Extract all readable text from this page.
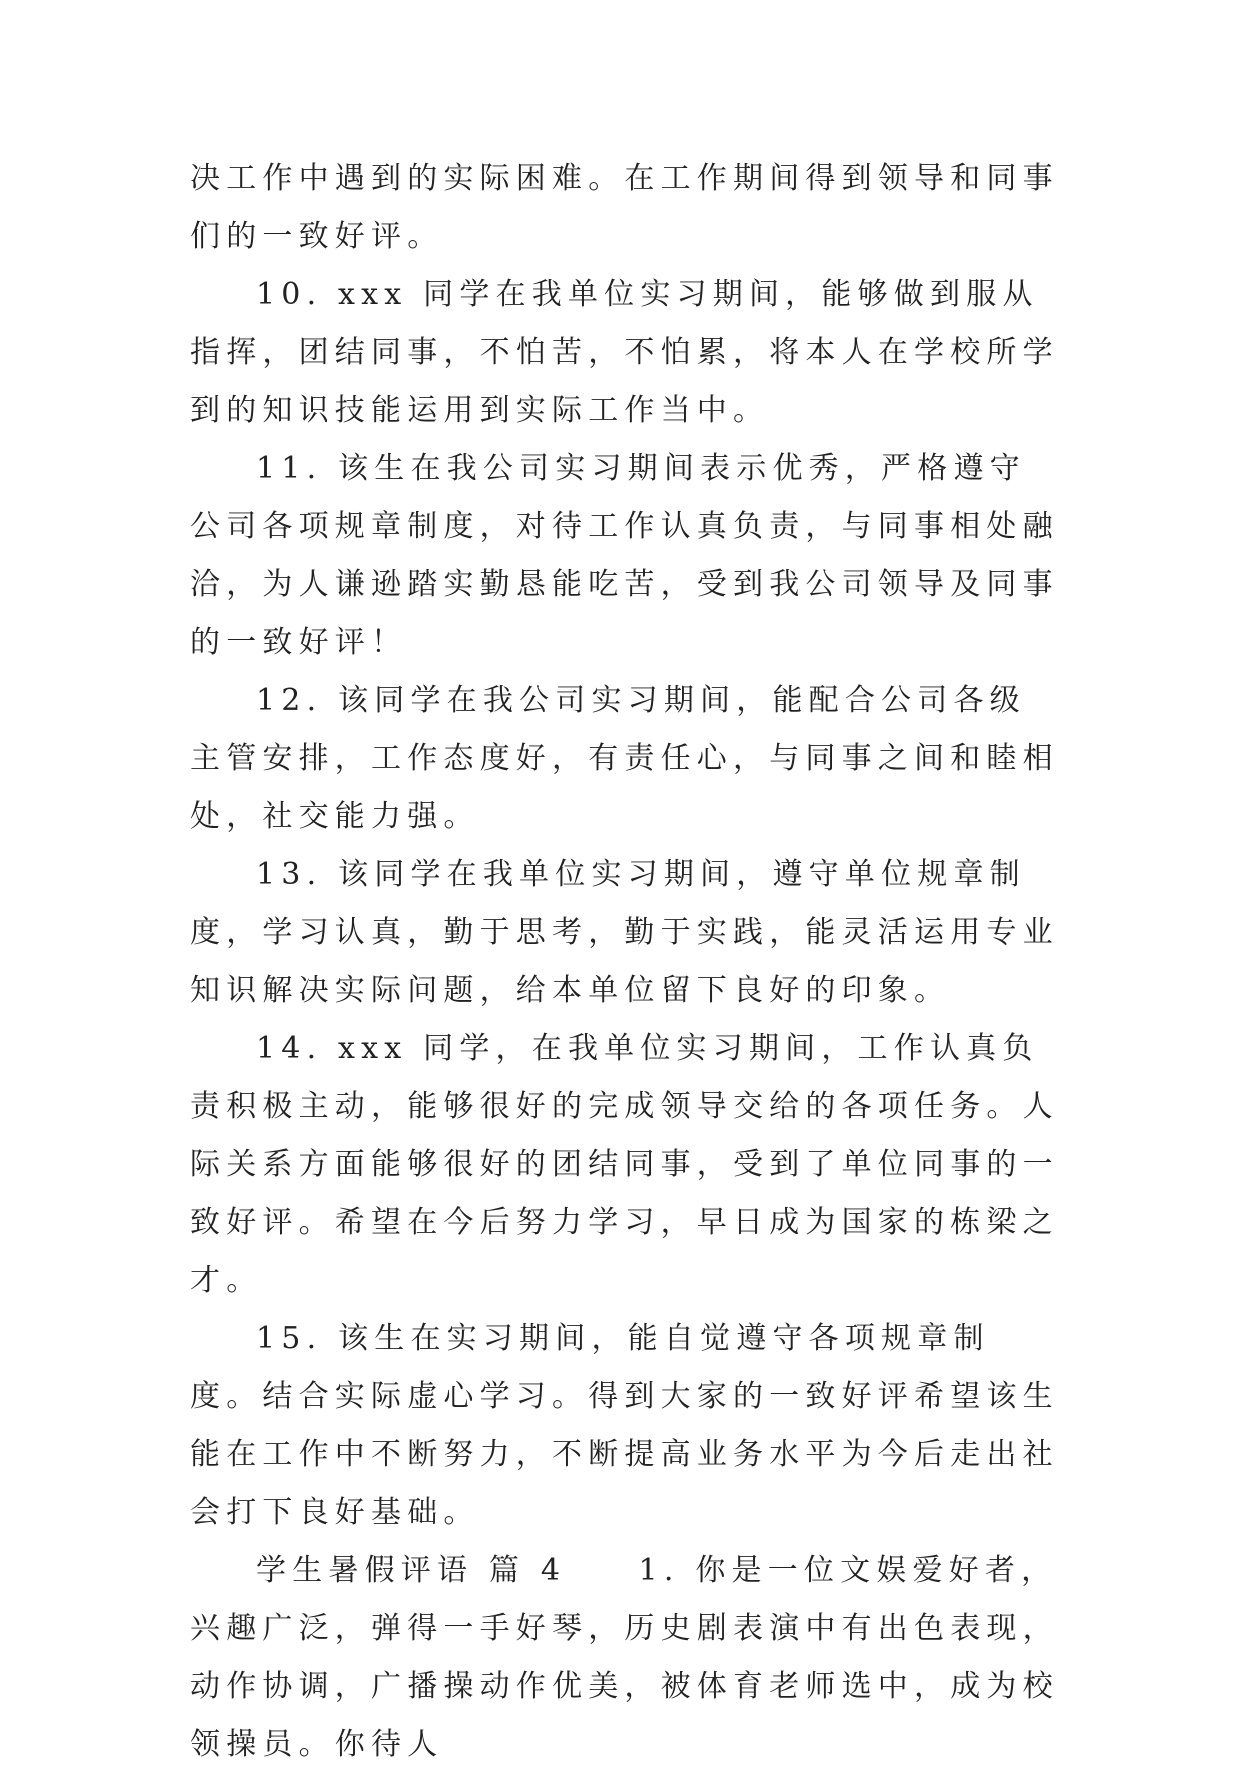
决工作中遇到的实际困难。在工作期间得到领导和同事们的一致好评。

10. xxx 同学在我单位实习期间，能够做到服从指挥，团结同事，不怕苦，不怕累，将本人在学校所学到的知识技能运用到实际工作当中。

11. 该生在我公司实习期间表示优秀，严格遵守公司各项规章制度，对待工作认真负责，与同事相处融洽，为人谦逊踏实勤恳能吃苦，受到我公司领导及同事的一致好评！

12. 该同学在我公司实习期间，能配合公司各级主管安排，工作态度好，有责任心，与同事之间和睦相处，社交能力强。

13. 该同学在我单位实习期间，遵守单位规章制度，学习认真，勤于思考，勤于实践，能灵活运用专业知识解决实际问题，给本单位留下良好的印象。

14. xxx 同学，在我单位实习期间，工作认真负责积极主动，能够很好的完成领导交给的各项任务。人际关系方面能够很好的团结同事，受到了单位同事的一致好评。希望在今后努力学习，早日成为国家的栋梁之才。

15. 该生在实习期间，能自觉遵守各项规章制度。结合实际虚心学习。得到大家的一致好评希望该生能在工作中不断努力，不断提高业务水平为今后走出社会打下良好基础。

学生暑假评语 篇 4　　1. 你是一位文娱爱好者，兴趣广泛，弹得一手好琴，历史剧表演中有出色表现，动作协调，广播操动作优美，被体育老师选中，成为校领操员。你待人
